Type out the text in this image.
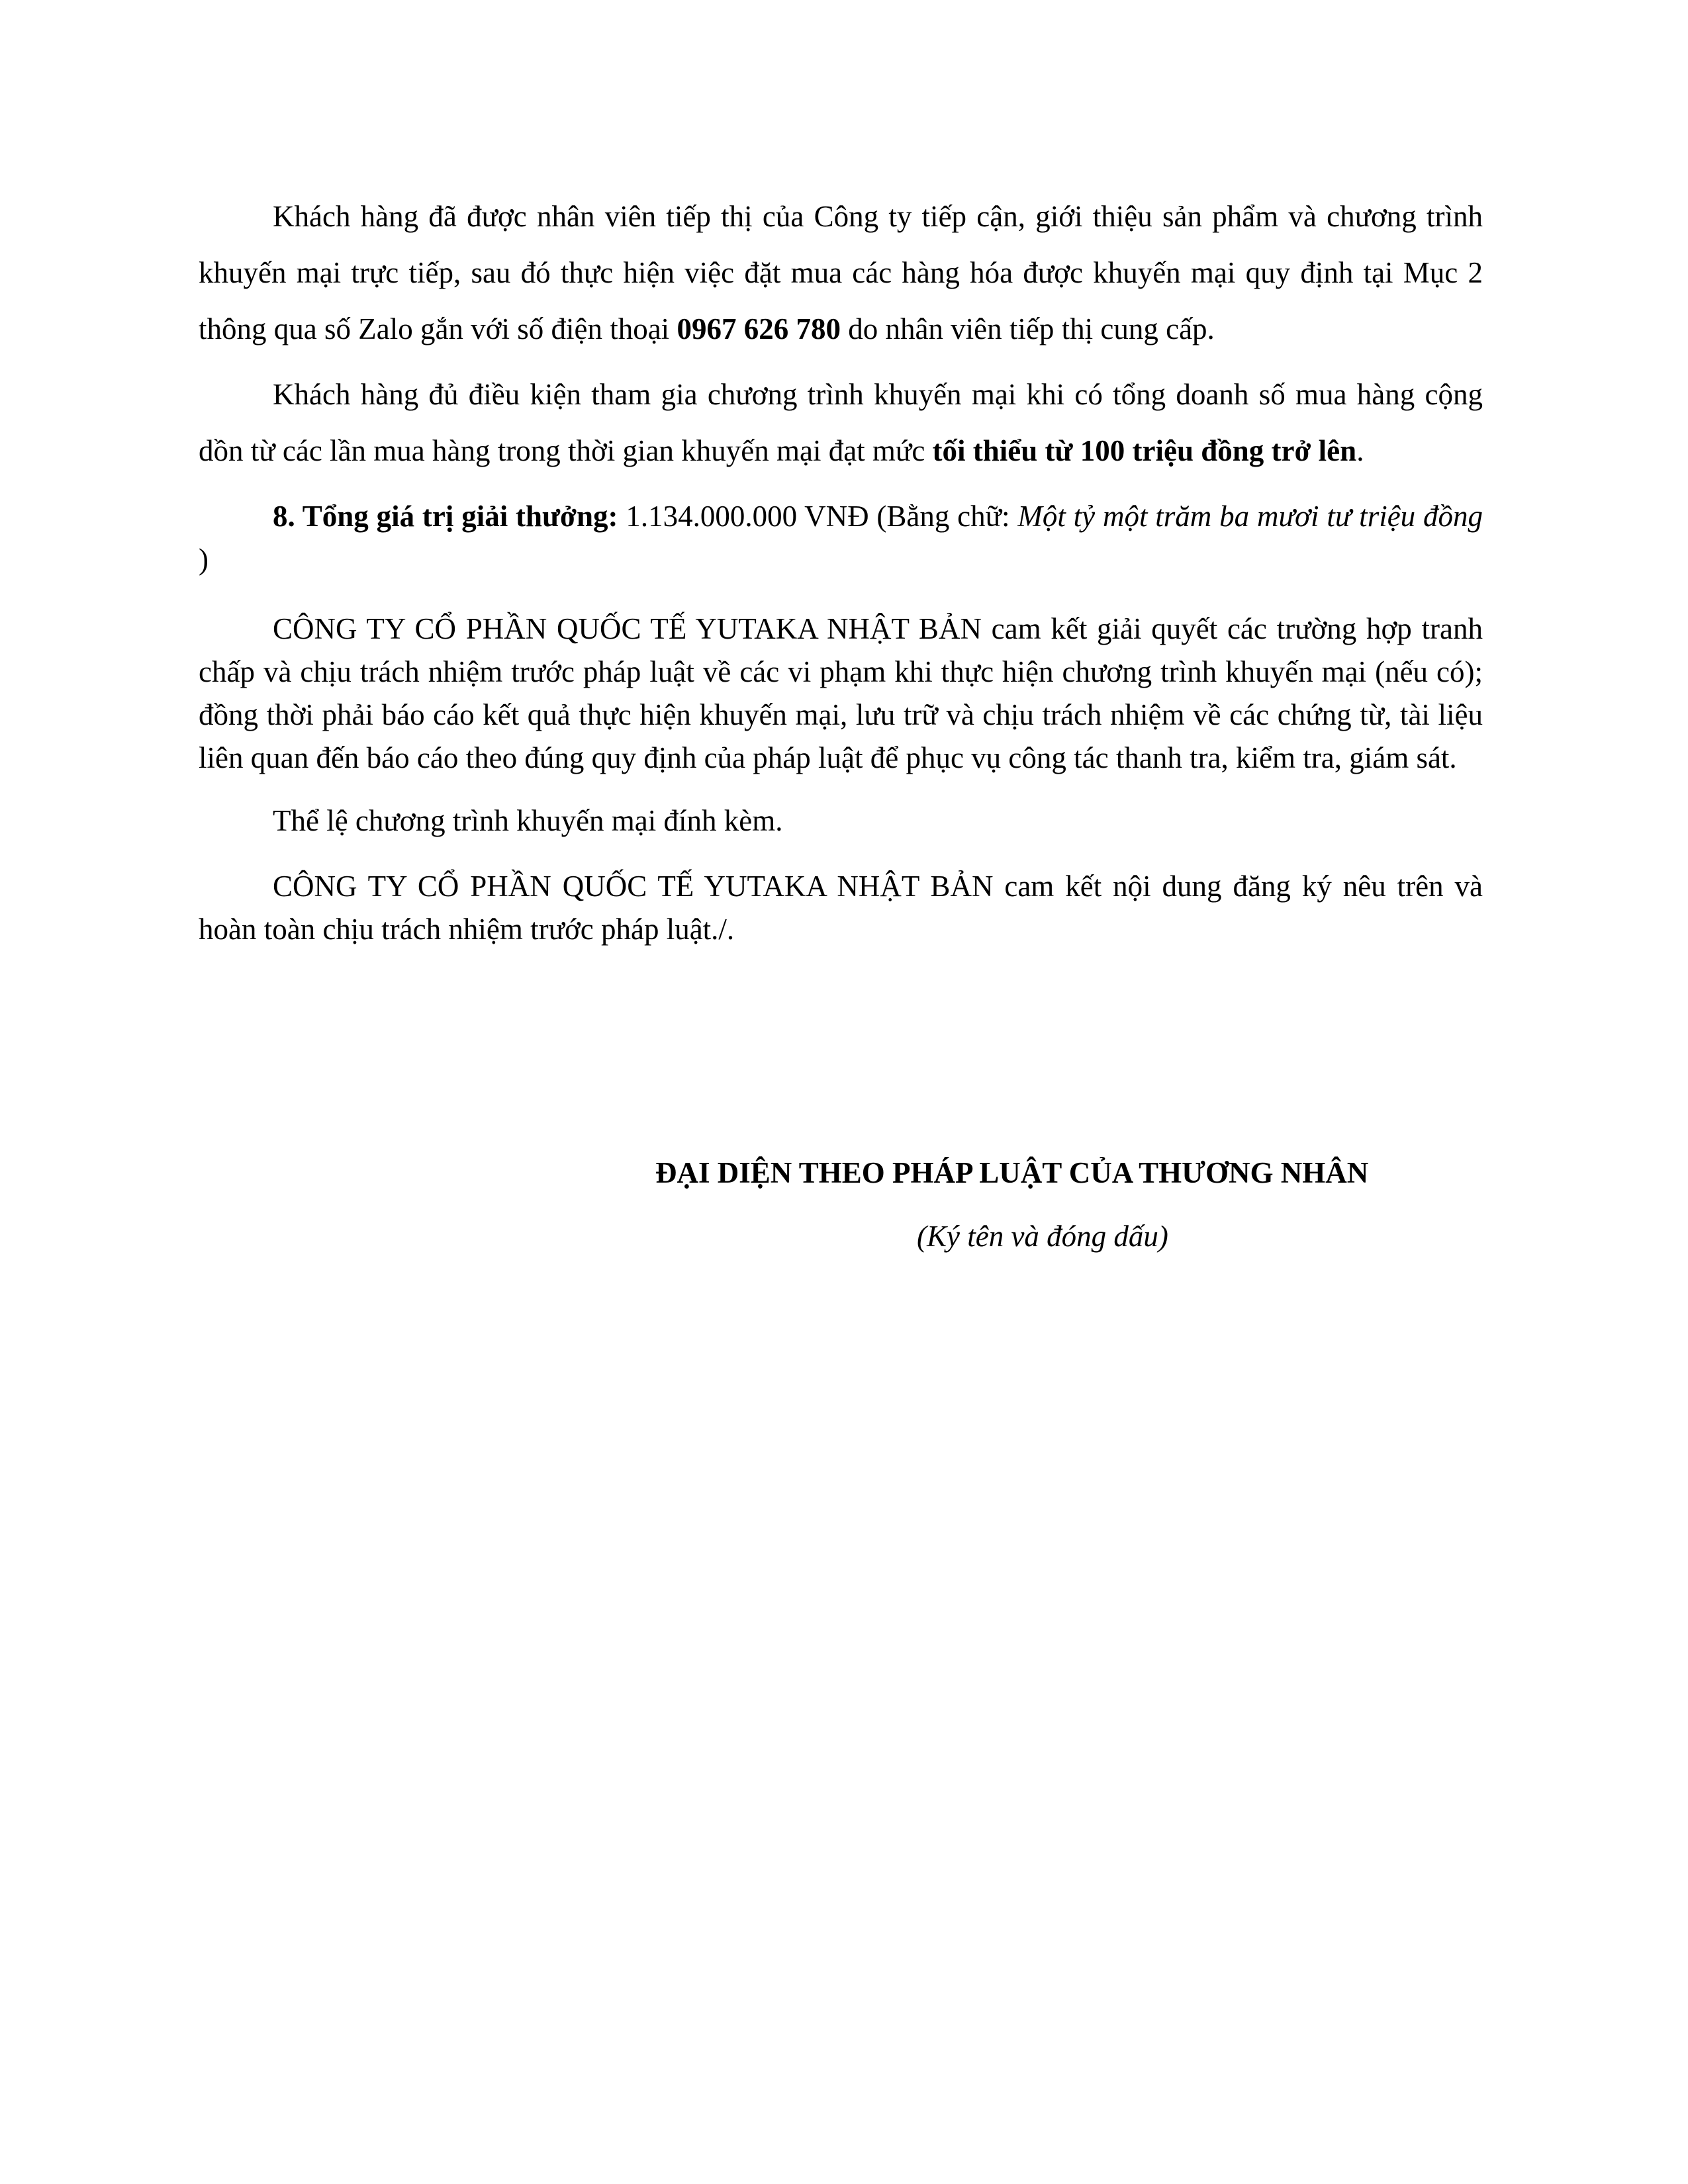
Khách hàng đã được nhân viên tiếp thị của Công ty tiếp cận, giới thiệu sản phẩm và chương trình khuyến mại trực tiếp, sau đó thực hiện việc đặt mua các hàng hóa được khuyến mại quy định tại Mục 2 thông qua số Zalo gắn với số điện thoại 0967 626 780 do nhân viên tiếp thị cung cấp.

Khách hàng đủ điều kiện tham gia chương trình khuyến mại khi có tổng doanh số mua hàng cộng dồn từ các lần mua hàng trong thời gian khuyến mại đạt mức tối thiểu từ 100 triệu đồng trở lên.

8. Tổng giá trị giải thưởng: 1.134.000.000 VNĐ (Bằng chữ: Một tỷ một trăm ba mươi tư triệu đồng )

CÔNG TY CỔ PHẦN QUỐC TẾ YUTAKA NHẬT BẢN cam kết giải quyết các trường hợp tranh chấp và chịu trách nhiệm trước pháp luật về các vi phạm khi thực hiện chương trình khuyến mại (nếu có); đồng thời phải báo cáo kết quả thực hiện khuyến mại, lưu trữ và chịu trách nhiệm về các chứng từ, tài liệu liên quan đến báo cáo theo đúng quy định của pháp luật để phục vụ công tác thanh tra, kiểm tra, giám sát.

Thể lệ chương trình khuyến mại đính kèm.

CÔNG TY CỔ PHẦN QUỐC TẾ YUTAKA NHẬT BẢN cam kết nội dung đăng ký nêu trên và hoàn toàn chịu trách nhiệm trước pháp luật./.

ĐẠI DIỆN THEO PHÁP LUẬT CỦA THƯƠNG NHÂN
(Ký tên và đóng dấu)
